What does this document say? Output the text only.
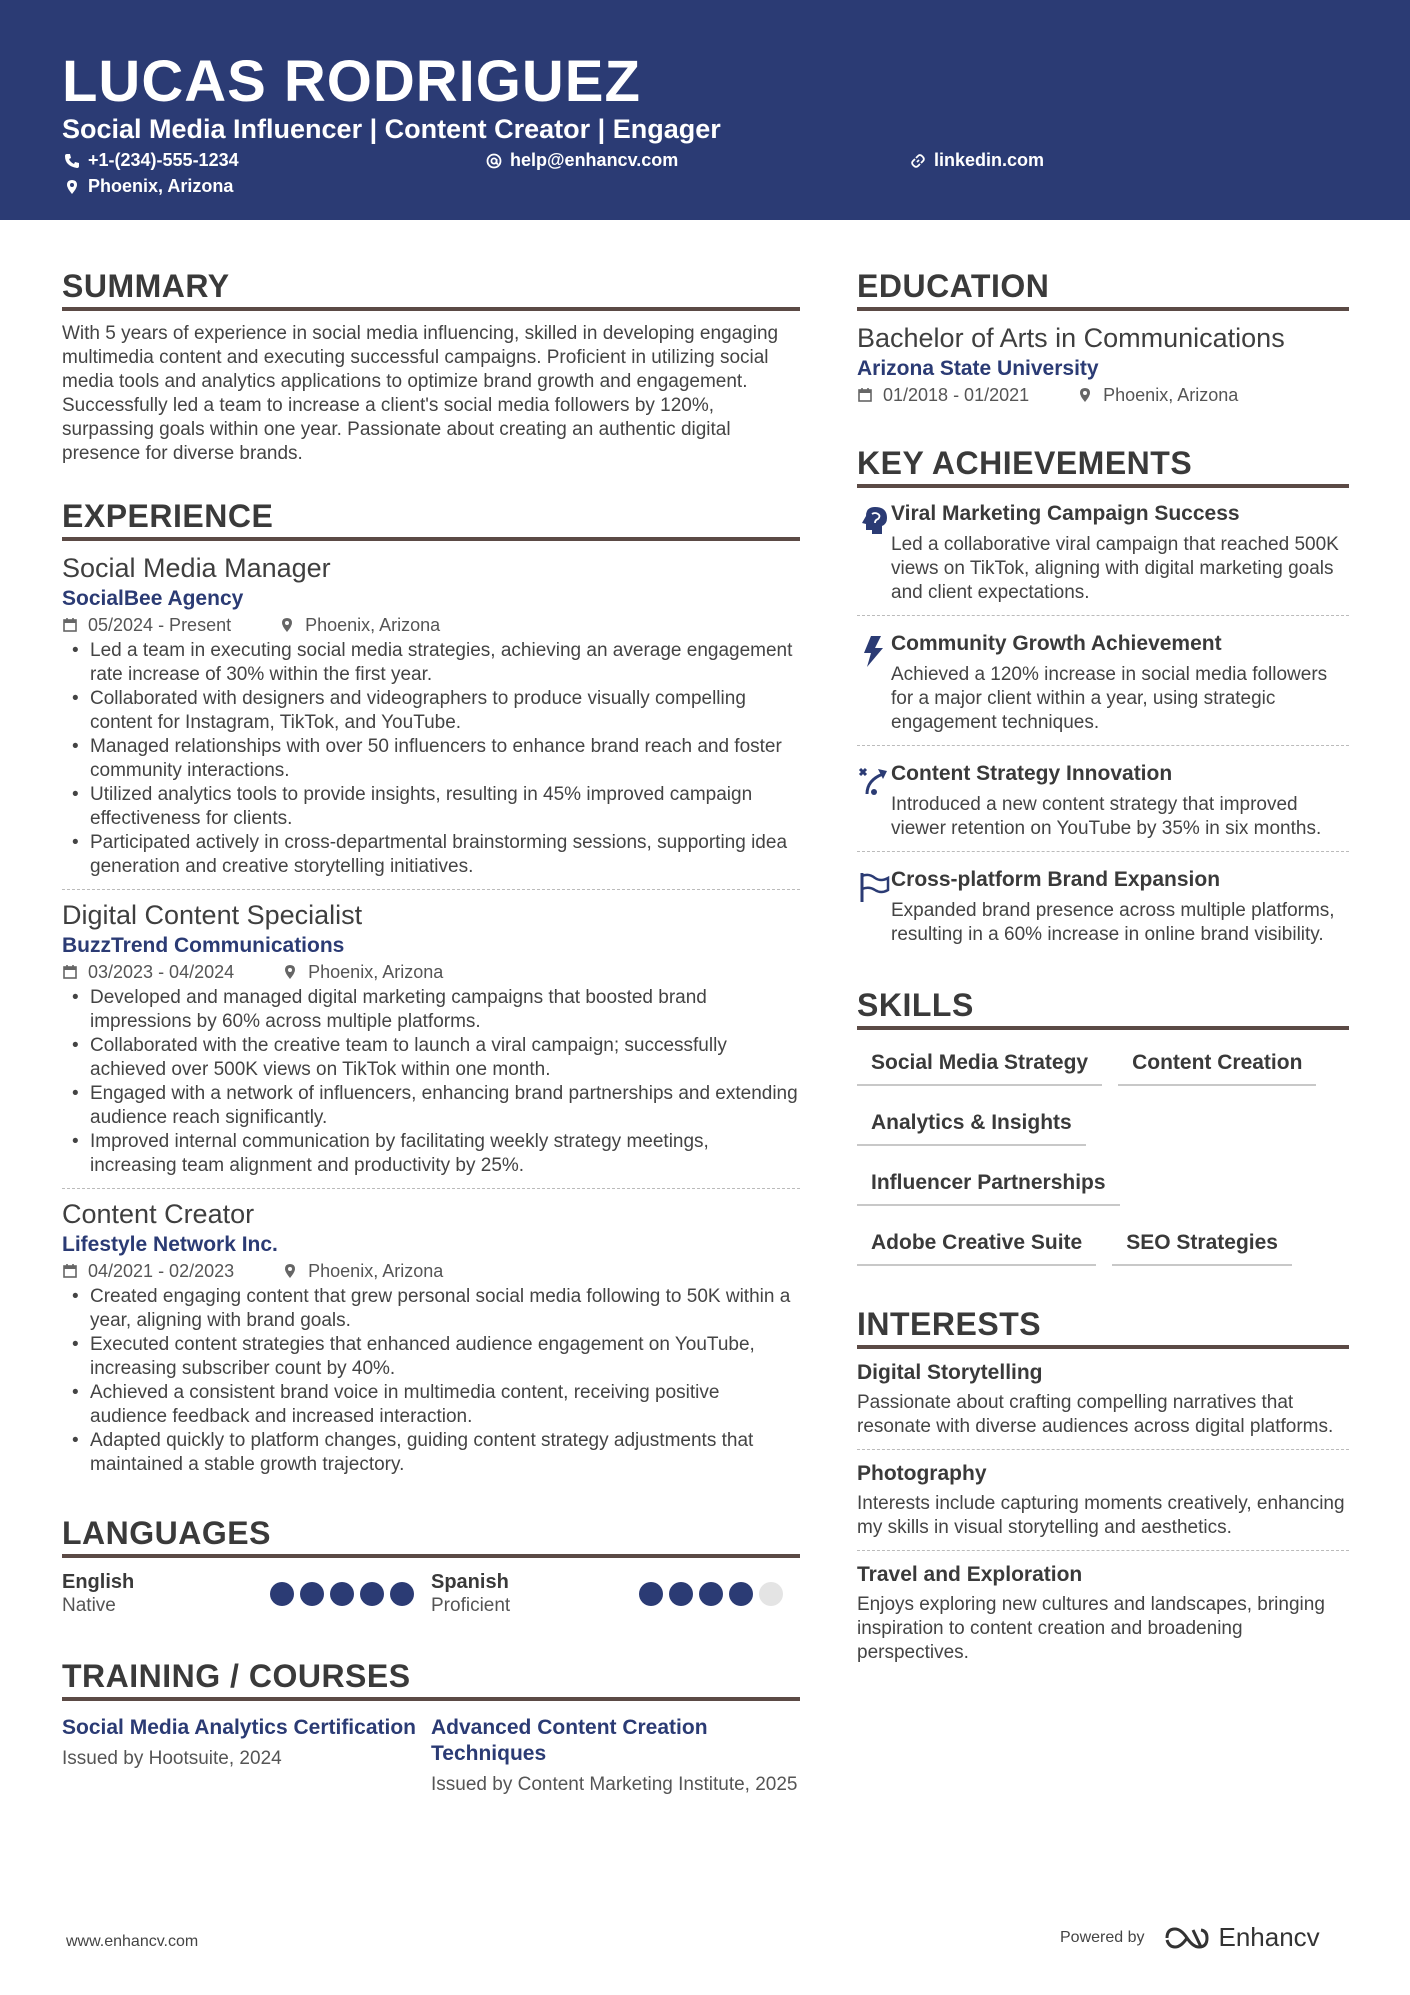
LUCAS RODRIGUEZ
Social Media Influencer | Content Creator | Engager
+1-(234)-555-1234	help@enhancv.com	linkedin.com
Phoenix, Arizona
SUMMARY
With 5 years of experience in social media influencing, skilled in developing engaging multimedia content and executing successful campaigns. Proficient in utilizing social media tools and analytics applications to optimize brand growth and engagement. Successfully led a team to increase a client's social media followers by 120%, surpassing goals within one year. Passionate about creating an authentic digital presence for diverse brands.
EXPERIENCE
Social Media Manager
SocialBee Agency
05/2024 - Present	Phoenix, Arizona
• Led a team in executing social media strategies, achieving an average engagement rate increase of 30% within the first year.
• Collaborated with designers and videographers to produce visually compelling content for Instagram, TikTok, and YouTube.
• Managed relationships with over 50 influencers to enhance brand reach and foster community interactions.
• Utilized analytics tools to provide insights, resulting in 45% improved campaign effectiveness for clients.
• Participated actively in cross-departmental brainstorming sessions, supporting idea generation and creative storytelling initiatives.
Digital Content Specialist
BuzzTrend Communications
03/2023 - 04/2024	Phoenix, Arizona
• Developed and managed digital marketing campaigns that boosted brand impressions by 60% across multiple platforms.
• Collaborated with the creative team to launch a viral campaign; successfully achieved over 500K views on TikTok within one month.
• Engaged with a network of influencers, enhancing brand partnerships and extending audience reach significantly.
• Improved internal communication by facilitating weekly strategy meetings, increasing team alignment and productivity by 25%.
Content Creator
Lifestyle Network Inc.
04/2021 - 02/2023	Phoenix, Arizona
• Created engaging content that grew personal social media following to 50K within a year, aligning with brand goals.
• Executed content strategies that enhanced audience engagement on YouTube, increasing subscriber count by 40%.
• Achieved a consistent brand voice in multimedia content, receiving positive audience feedback and increased interaction.
• Adapted quickly to platform changes, guiding content strategy adjustments that maintained a stable growth trajectory.
LANGUAGES
English
Native
Spanish
Proficient
TRAINING / COURSES
Social Media Analytics Certification
Issued by Hootsuite, 2024
Advanced Content Creation Techniques
Issued by Content Marketing Institute, 2025
EDUCATION
Bachelor of Arts in Communications
Arizona State University
01/2018 - 01/2021	Phoenix, Arizona
KEY ACHIEVEMENTS
Viral Marketing Campaign Success
Led a collaborative viral campaign that reached 500K views on TikTok, aligning with digital marketing goals and client expectations.
Community Growth Achievement
Achieved a 120% increase in social media followers for a major client within a year, using strategic engagement techniques.
Content Strategy Innovation
Introduced a new content strategy that improved viewer retention on YouTube by 35% in six months.
Cross-platform Brand Expansion
Expanded brand presence across multiple platforms, resulting in a 60% increase in online brand visibility.
SKILLS
Social Media Strategy	Content Creation
Analytics & Insights
Influencer Partnerships
Adobe Creative Suite	SEO Strategies
INTERESTS
Digital Storytelling
Passionate about crafting compelling narratives that resonate with diverse audiences across digital platforms.
Photography
Interests include capturing moments creatively, enhancing my skills in visual storytelling and aesthetics.
Travel and Exploration
Enjoys exploring new cultures and landscapes, bringing inspiration to content creation and broadening perspectives.
www.enhancv.com	Powered by	Enhancv
